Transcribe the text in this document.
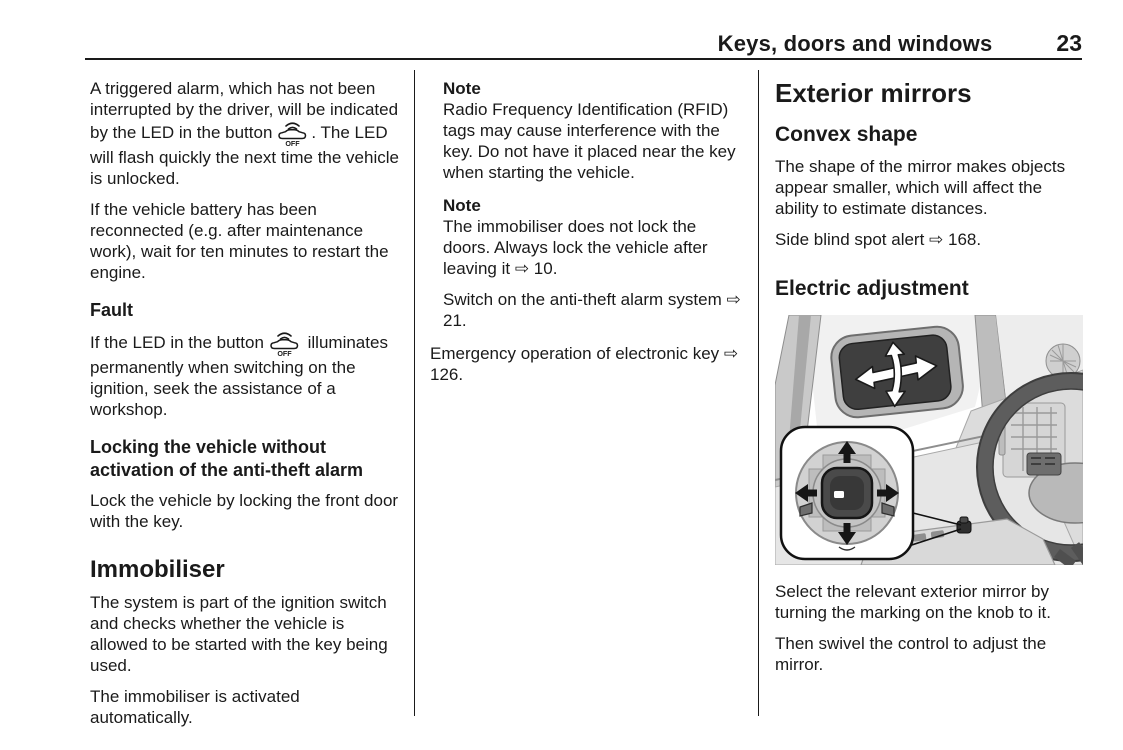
Keys, doors and windows	23

A triggered alarm, which has not been interrupted by the driver, will be indicated by the LED in the button
OFF
. The LED will flash quickly the next time the vehicle is unlocked.

If the vehicle battery has been reconnected (e.g. after maintenance work), wait for ten minutes to restart the engine.

Fault

If the LED in the button
OFF
illuminates permanently when switching on the ignition, seek the assistance of a workshop.

Locking the vehicle without activation of the anti-theft alarm

Lock the vehicle by locking the front door with the key.

Immobiliser

The system is part of the ignition switch and checks whether the vehicle is allowed to be started with the key being used.

The immobiliser is activated automatically.

Note

Radio Frequency Identification (RFID) tags may cause interference with the key. Do not have it placed near the key when starting the vehicle.

Note

The immobiliser does not lock the doors. Always lock the vehicle after leaving it ⇨ 10.

Switch on the anti-theft alarm system ⇨ 21.

Emergency operation of electronic key ⇨ 126.

Exterior mirrors
Convex shape

The shape of the mirror makes objects appear smaller, which will affect the ability to estimate distances.

Side blind spot alert ⇨ 168.

Electric adjustment

Select the relevant exterior mirror by turning the marking on the knob to it.

Then swivel the control to adjust the mirror.
